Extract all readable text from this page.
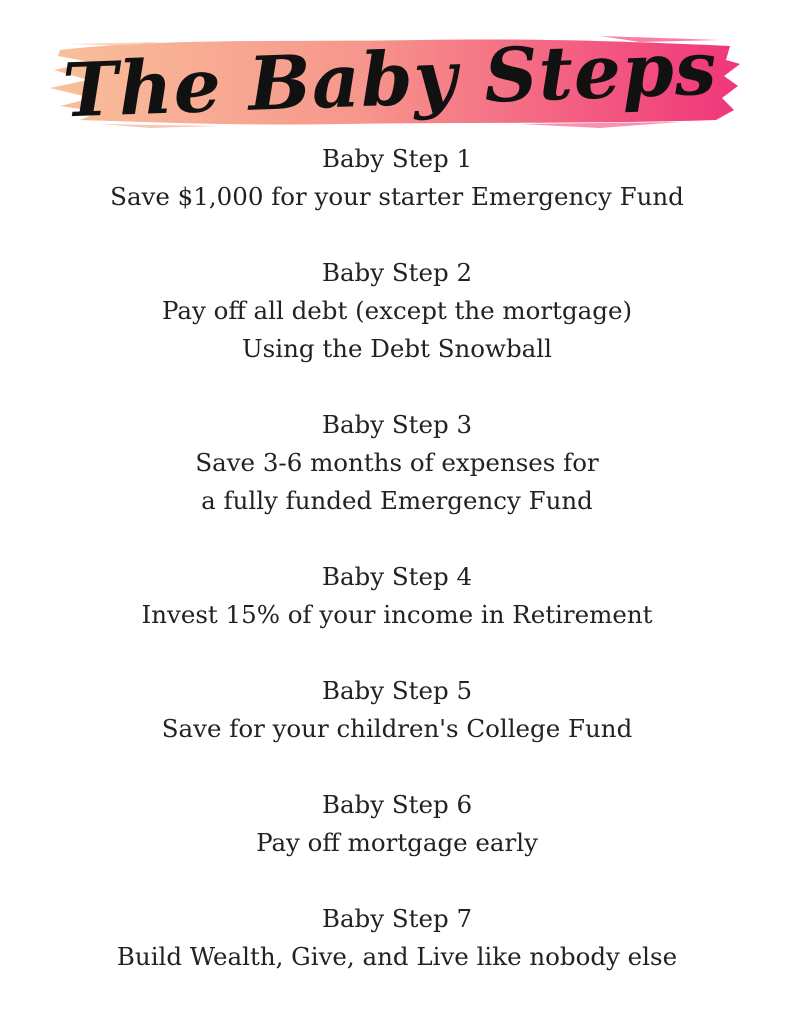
The Baby Steps
Baby Step 1
Save $1,000 for your starter Emergency Fund
Baby Step 2
Pay off all debt (except the mortgage)
Using the Debt Snowball
Baby Step 3
Save 3-6 months of expenses for
a fully funded Emergency Fund
Baby Step 4
Invest 15% of your income in Retirement
Baby Step 5
Save for your children's College Fund
Baby Step 6
Pay off mortgage early
Baby Step 7
Build Wealth, Give, and Live like nobody else
